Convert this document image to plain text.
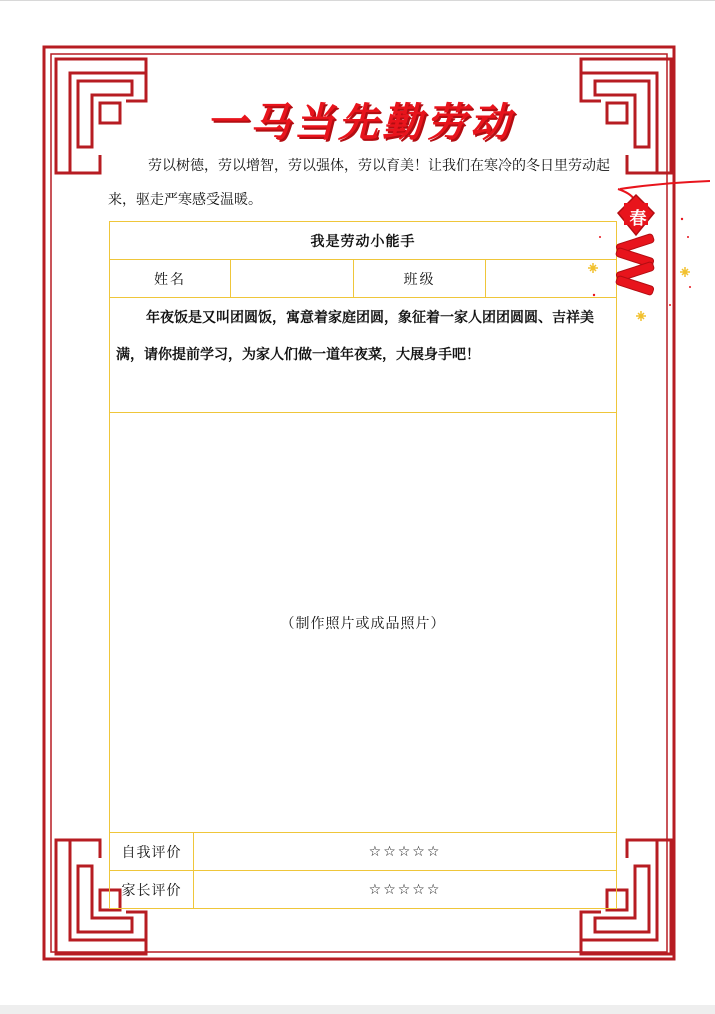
一马当先勤劳动

劳以树德，劳以增智，劳以强体，劳以育美！让我们在寒冷的冬日里劳动起来，驱走严寒感受温暖。

我是劳动小能手				
姓名			班级	
年夜饭是又叫团圆饭，寓意着家庭团圆，象征着一家人团团圆圆、吉祥美满，请你提前学习，为家人们做一道年夜菜，大展身手吧！				
（制作照片或成品照片）				
自我评价	☆☆☆☆☆			
家长评价	☆☆☆☆☆			
春
